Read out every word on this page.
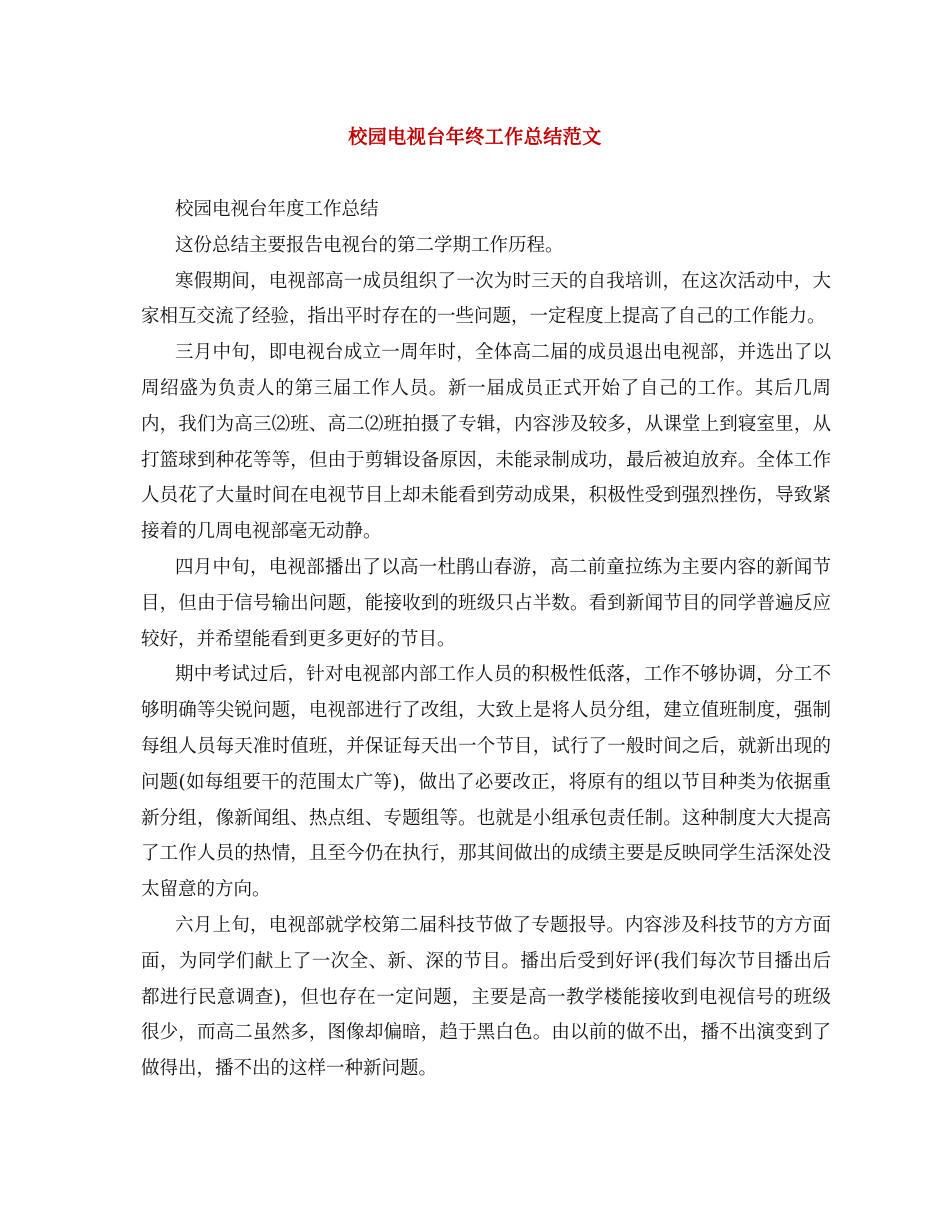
校园电视台年终工作总结范文

校园电视台年度工作总结

这份总结主要报告电视台的第二学期工作历程。

寒假期间，电视部高一成员组织了一次为时三天的自我培训，在这次活动中，大家相互交流了经验，指出平时存在的一些问题，一定程度上提高了自己的工作能力。

三月中旬，即电视台成立一周年时，全体高二届的成员退出电视部，并选出了以周绍盛为负责人的第三届工作人员。新一届成员正式开始了自己的工作。其后几周内，我们为高三⑵班、高二⑵班拍摄了专辑，内容涉及较多，从课堂上到寝室里，从打篮球到种花等等，但由于剪辑设备原因，未能录制成功，最后被迫放弃。全体工作人员花了大量时间在电视节目上却未能看到劳动成果，积极性受到强烈挫伤，导致紧接着的几周电视部毫无动静。

四月中旬，电视部播出了以高一杜鹃山春游，高二前童拉练为主要内容的新闻节目，但由于信号输出问题，能接收到的班级只占半数。看到新闻节目的同学普遍反应较好，并希望能看到更多更好的节目。

期中考试过后，针对电视部内部工作人员的积极性低落，工作不够协调，分工不够明确等尖锐问题，电视部进行了改组，大致上是将人员分组，建立值班制度，强制每组人员每天准时值班，并保证每天出一个节目，试行了一般时间之后，就新出现的问题(如每组要干的范围太广等)，做出了必要改正，将原有的组以节目种类为依据重新分组，像新闻组、热点组、专题组等。也就是小组承包责任制。这种制度大大提高了工作人员的热情，且至今仍在执行，那其间做出的成绩主要是反映同学生活深处没太留意的方向。

六月上旬，电视部就学校第二届科技节做了专题报导。内容涉及科技节的方方面面，为同学们献上了一次全、新、深的节目。播出后受到好评(我们每次节目播出后都进行民意调查)，但也存在一定问题，主要是高一教学楼能接收到电视信号的班级很少，而高二虽然多，图像却偏暗，趋于黑白色。由以前的做不出，播不出演变到了做得出，播不出的这样一种新问题。
